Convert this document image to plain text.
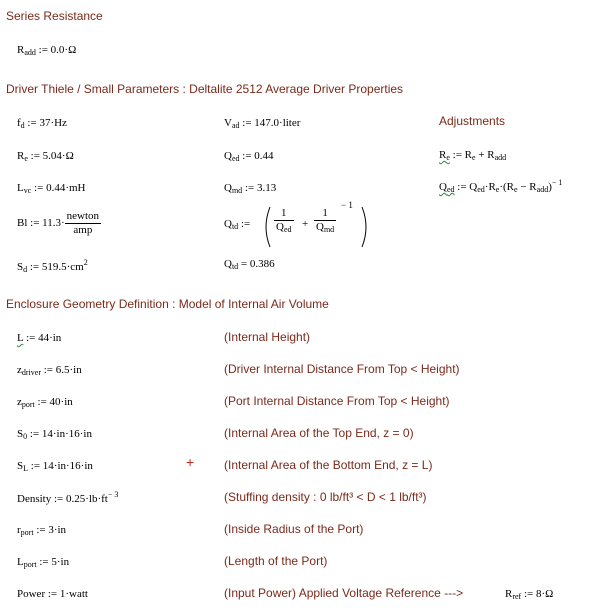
Series Resistance
$R_{add}$ := 0.0·Ω
Driver Thiele / Small Parameters : Deltalite 2512 Average Driver Properties
$f_d$ := 37·Hz
$R_e$ := 5.04·Ω
$L_{vc}$ := 0.44·mH
Bl := $11.3\cdot \frac{\text{newton}}{\text{amp}}$
$S_d$ := $519.5\cdot cm^2$
$V_{ad}$ := 147.0·liter
$Q_{ed}$ := 0.44
$Q_{md}$ := 3.13
$Q_{td}$ :=
1
$Q_{ed}$ +
1
$Q_{md}$
− 1
$Q_{td} = 0.386$
Adjustments
$R_e$ := $R_e + R_{add}$
$Q_{ed}$ := $Q_{ed}\cdot R_e\cdot(R_e - R_{add})^{- 1}$
Enclosure Geometry Definition : Model of Internal Air Volume
L := 44·in	(Internal Height)
$z_{driver}$ := 6.5·in	(Driver Internal Distance From Top < Height)
$z_{port}$ := 40·in	(Port Internal Distance From Top < Height)
$S_0$ := 14·in·16·in	(Internal Area of the Top End, z = 0)
$S_L$ := 14·in·16·in	+ (Internal Area of the Bottom End, z = L)
Density := $0.25\cdot lb\cdot ft^{- 3}$	(Stuffing density : 0 lb/ft³ < D < 1 lb/ft³)
$r_{port}$ := 3·in	(Inside Radius of the Port)
$L_{port}$ := 5·in	(Length of the Port)
Power := 1·watt	(Input Power) Applied Voltage Reference --->	$R_{ref}$ := 8·Ω
